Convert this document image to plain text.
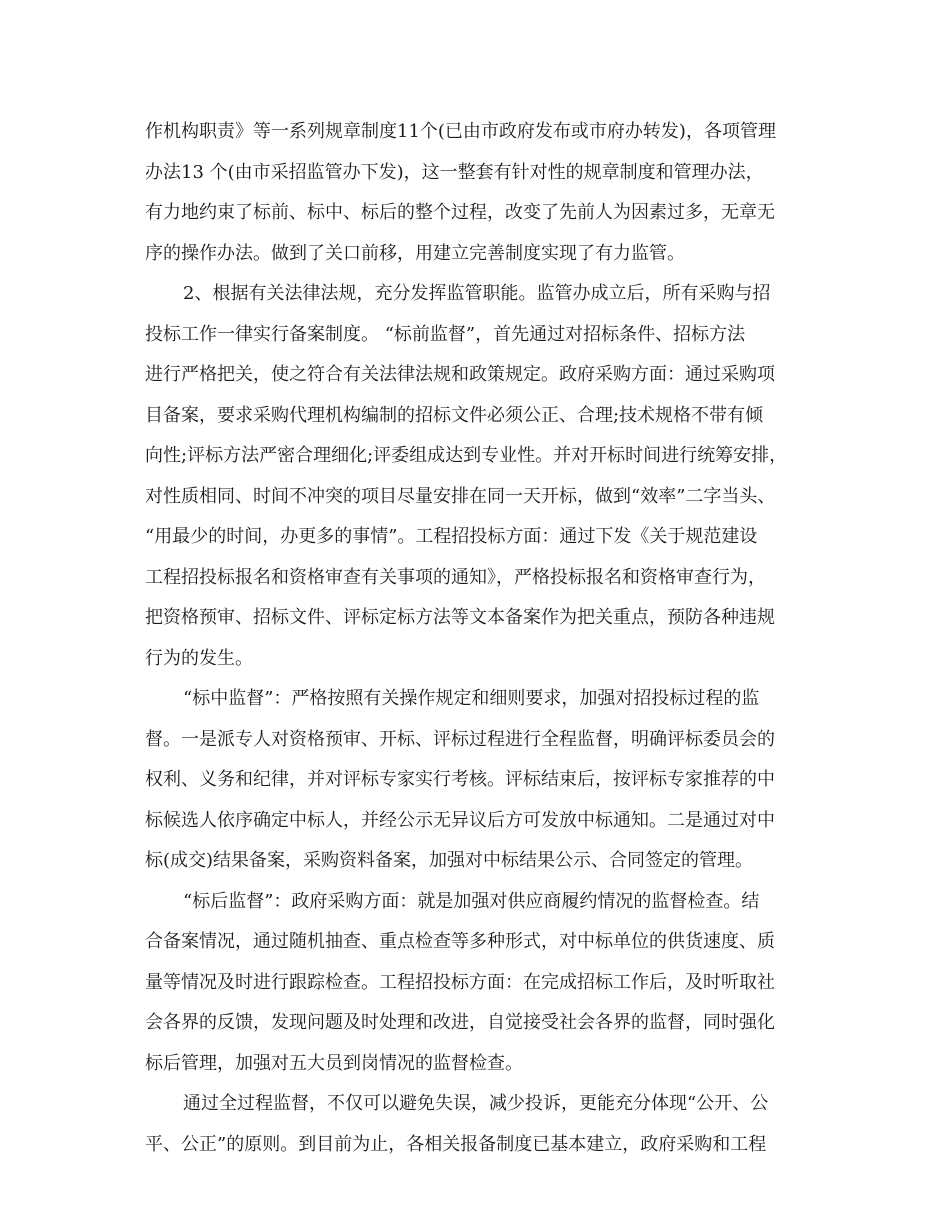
作机构职责》等一系列规章制度11个(已由市政府发布或市府办转发)，各项管理
办法13 个(由市采招监管办下发)，这一整套有针对性的规章制度和管理办法，
有力地约束了标前、标中、标后的整个过程，改变了先前人为因素过多，无章无
序的操作办法。做到了关口前移，用建立完善制度实现了有力监管。
2、根据有关法律法规，充分发挥监管职能。监管办成立后，所有采购与招
投标工作一律实行备案制度。 “标前监督”，首先通过对招标条件、招标方法
进行严格把关，使之符合有关法律法规和政策规定。政府采购方面：通过采购项
目备案，要求采购代理机构编制的招标文件必须公正、合理;技术规格不带有倾
向性;评标方法严密合理细化;评委组成达到专业性。并对开标时间进行统筹安排，
对性质相同、时间不冲突的项目尽量安排在同一天开标，做到“效率”二字当头、
“用最少的时间，办更多的事情”。工程招投标方面：通过下发《关于规范建设
工程招投标报名和资格审查有关事项的通知》，严格投标报名和资格审查行为，
把资格预审、招标文件、评标定标方法等文本备案作为把关重点，预防各种违规
行为的发生。
“标中监督”：严格按照有关操作规定和细则要求，加强对招投标过程的监
督。一是派专人对资格预审、开标、评标过程进行全程监督，明确评标委员会的
权利、义务和纪律，并对评标专家实行考核。评标结束后，按评标专家推荐的中
标候选人依序确定中标人，并经公示无异议后方可发放中标通知。二是通过对中
标(成交)结果备案，采购资料备案，加强对中标结果公示、合同签定的管理。
“标后监督”：政府采购方面：就是加强对供应商履约情况的监督检查。结
合备案情况，通过随机抽查、重点检查等多种形式，对中标单位的供货速度、质
量等情况及时进行跟踪检查。工程招投标方面：在完成招标工作后，及时听取社
会各界的反馈，发现问题及时处理和改进，自觉接受社会各界的监督，同时强化
标后管理，加强对五大员到岗情况的监督检查。
通过全过程监督，不仅可以避免失误，减少投诉，更能充分体现“公开、公
平、公正”的原则。到目前为止，各相关报备制度已基本建立，政府采购和工程
